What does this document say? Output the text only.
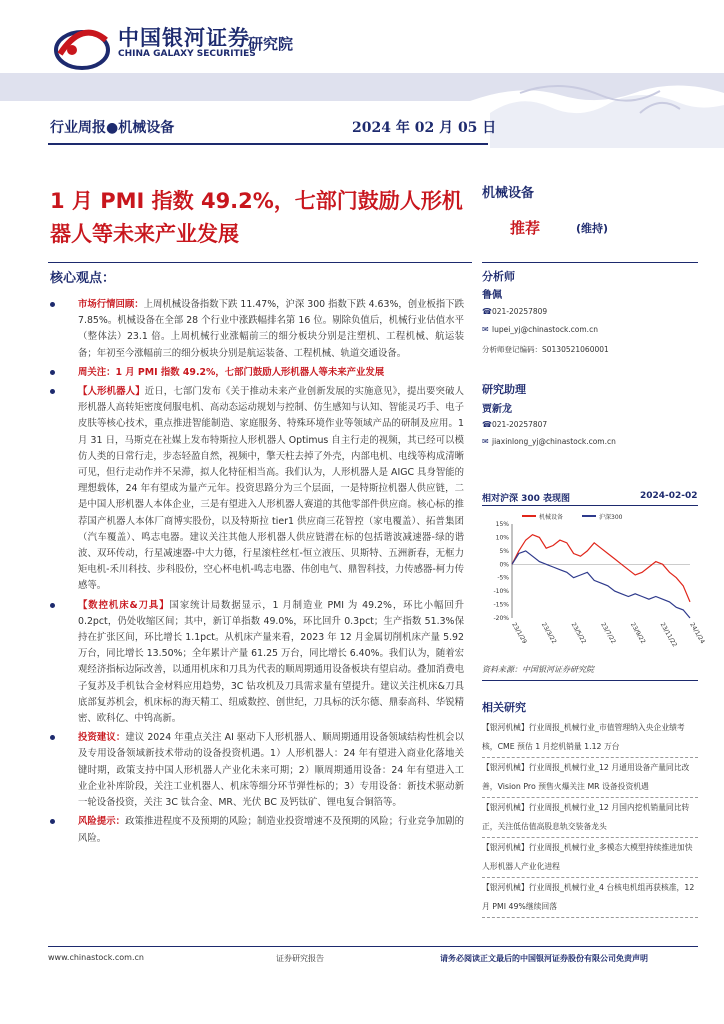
中国银河证券
CHINA GALAXY SECURITIES
研究院
行业周报●机械设备	2024 年 02 月 05 日
1 月 PMI 指数 49.2%，七部门鼓励人形机器人等未来产业发展
核心观点：
市场行情回顾：上周机械设备指数下跌 11.47%，沪深 300 指数下跌 4.63%，创业板指下跌 7.85%。机械设备在全部 28 个行业中涨跌幅排名第 16 位。剔除负值后，机械行业估值水平（整体法）23.1 倍。上周机械行业涨幅前三的细分板块分别是注塑机、工程机械、航运装备；年初至今涨幅前三的细分板块分别是航运装备、工程机械、轨道交通设备。
周关注：1 月 PMI 指数 49.2%，七部门鼓励人形机器人等未来产业发展
【人形机器人】近日，七部门发布《关于推动未来产业创新发展的实施意见》，提出要突破人形机器人高转矩密度伺服电机、高动态运动规划与控制、仿生感知与认知、智能灵巧手、电子皮肤等核心技术，重点推进智能制造、家庭服务、特殊环境作业等领域产品的研制及应用。1 月 31 日，马斯克在社媒上发布特斯拉人形机器人 Optimus 自主行走的视频，其已经可以模仿人类的日常行走，步态轻盈自然，视频中，擎天柱去掉了外壳，内部电机、电线等构成清晰可见，但行走动作并不呆滞，拟人化特征相当高。我们认为，人形机器人是 AIGC 具身智能的理想载体，24 年有望成为量产元年。投资思路分为三个层面，一是特斯拉机器人供应链，二是中国人形机器人本体企业，三是有望进入人形机器人赛道的其他零部件供应商。核心标的推荐国产机器人本体厂商博实股份，以及特斯拉 tier1 供应商三花智控（家电覆盖）、拓普集团（汽车覆盖）、鸣志电器。建议关注其他人形机器人供应链潜在标的包括谐波减速器-绿的谐波、双环传动，行星减速器-中大力德，行星滚柱丝杠-恒立液压、贝斯特、五洲新春，无框力矩电机-禾川科技、步科股份，空心杯电机-鸣志电器、伟创电气、鼎智科技，力传感器-柯力传感等。
【数控机床&刀具】国家统计局数据显示，1 月制造业 PMI 为 49.2%，环比小幅回升 0.2pct，仍处收缩区间；其中，新订单指数 49.0%，环比回升 0.3pct；生产指数 51.3%保持在扩张区间，环比增长 1.1pct。从机床产量来看，2023 年 12 月金属切削机床产量 5.92 万台，同比增长 13.50%；全年累计产量 61.25 万台，同比增长 6.40%。我们认为，随着宏观经济指标边际改善，以通用机床和刀具为代表的顺周期通用设备板块有望启动。叠加消费电子复苏及手机钛合金材料应用趋势，3C 钻攻机及刀具需求量有望提升。建议关注机床&刀具底部复苏机会，机床标的海天精工、纽威数控、创世纪，刀具标的沃尔德、鼎泰高科、华锐精密、欧科亿、中钨高新。
投资建议：建议 2024 年重点关注 AI 驱动下人形机器人、顺周期通用设备领域结构性机会以及专用设备领域新技术带动的设备投资机遇。1）人形机器人：24 年有望进入商业化落地关键时期，政策支持中国人形机器人产业化未来可期；2）顺周期通用设备：24 年有望进入工业企业补库阶段，关注工业机器人、机床等细分环节弹性标的；3）专用设备：新技术驱动新一轮设备投资，关注 3C 钛合金、MR、光伏 BC 及钙钛矿、锂电复合铜箔等。
风险提示：政策推进程度不及预期的风险；制造业投资增速不及预期的风险；行业竞争加剧的风险。
机械设备
推荐	(维持)
分析师
鲁佩
☎021-20257809
✉ lupei_yj@chinastock.com.cn
分析师登记编码：S0130521060001
研究助理
贾新龙
☎021-20257807
✉ jiaxinlong_yj@chinastock.com.cn
相对沪深 300 表现图	2024-02-02
机械设备	沪深300
15%
10%
5%
0%
-5%
-10%
-15%
-20%
23/1/29 23/3/22 23/5/22 23/7/22 23/9/22 23/11/22 24/1/24
资料来源：中国银河证券研究院
相关研究
【银河机械】行业周报_机械行业_市值管理纳入央企业绩考核，CME 预估 1 月挖机销量 1.12 万台
【银河机械】行业周报_机械行业_12 月通用设备产量同比改善，Vision Pro 预售火爆关注 MR 设备投资机遇
【银河机械】行业周报_机械行业_12 月国内挖机销量同比转正，关注低估值高股息轨交装备龙头
【银河机械】行业周报_机械行业_多模态大模型持续推进加快人形机器人产业化进程
【银河机械】行业周报_机械行业_4 台核电机组再获核准，12 月 PMI 49%继续回落
www.chinastock.com.cn	证券研究报告	请务必阅读正文最后的中国银河证券股份有限公司免责声明
